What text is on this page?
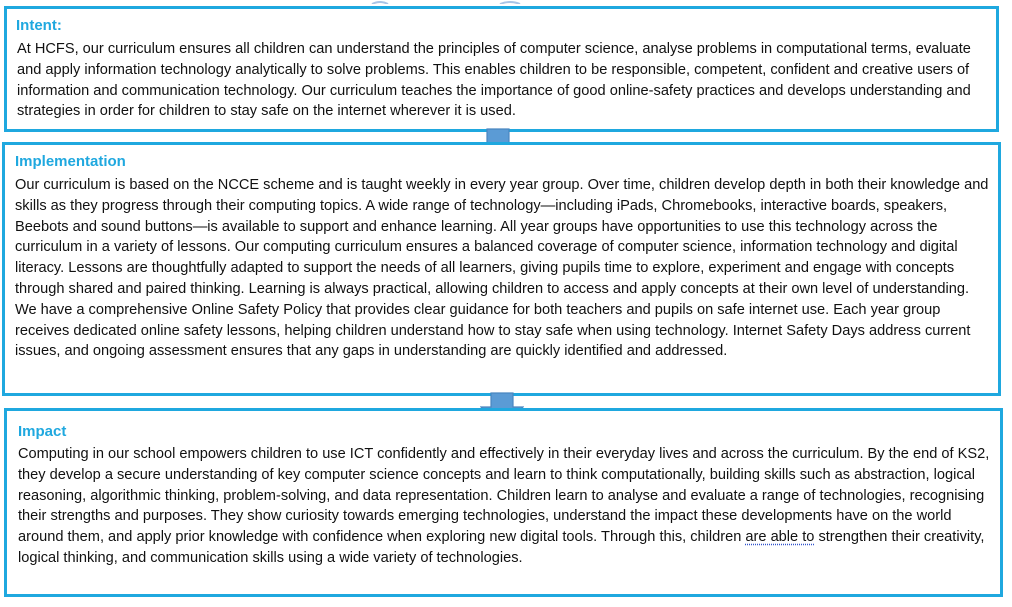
Intent:

At HCFS, our curriculum ensures all children can understand the principles of computer science, analyse problems in computational terms, evaluate and apply information technology analytically to solve problems. This enables children to be responsible, competent, confident and creative users of information and communication technology. Our curriculum teaches the importance of good online-safety practices and develops understanding and strategies in order for children to stay safe on the internet wherever it is used.

Implementation

Our curriculum is based on the NCCE scheme and is taught weekly in every year group. Over time, children develop depth in both their knowledge and skills as they progress through their computing topics. A wide range of technology—including iPads, Chromebooks, interactive boards, speakers, Beebots and sound buttons—is available to support and enhance learning. All year groups have opportunities to use this technology across the curriculum in a variety of lessons. Our computing curriculum ensures a balanced coverage of computer science, information technology and digital literacy. Lessons are thoughtfully adapted to support the needs of all learners, giving pupils time to explore, experiment and engage with concepts through shared and paired thinking. Learning is always practical, allowing children to access and apply concepts at their own level of understanding. We have a comprehensive Online Safety Policy that provides clear guidance for both teachers and pupils on safe internet use. Each year group receives dedicated online safety lessons, helping children understand how to stay safe when using technology. Internet Safety Days address current issues, and ongoing assessment ensures that any gaps in understanding are quickly identified and addressed.

Impact

Computing in our school empowers children to use ICT confidently and effectively in their everyday lives and across the curriculum. By the end of KS2, they develop a secure understanding of key computer science concepts and learn to think computationally, building skills such as abstraction, logical reasoning, algorithmic thinking, problem-solving, and data representation. Children learn to analyse and evaluate a range of technologies, recognising their strengths and purposes. They show curiosity towards emerging technologies, understand the impact these developments have on the world around them, and apply prior knowledge with confidence when exploring new digital tools. Through this, children are able to strengthen their creativity, logical thinking, and communication skills using a wide variety of technologies.
